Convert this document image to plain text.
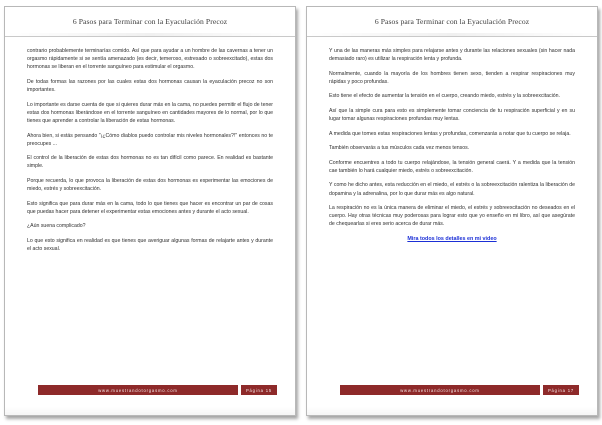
6 Pasos para Terminar con la Eyaculación Precoz

contrario probablemente terminarías comido. Así que para ayudar a un hombre de las cavernas a tener un orgasmo rápidamente si se sentía amenazado (es decir, temeroso, estresado o sobreexcitado), estas dos hormonas se liberan en el torrente sanguíneo para estimular el orgasmo.

De todas formas las razones por las cuales estas dos hormonas causan la eyaculación precoz no son importantes.

Lo importante es darse cuenta de que si quieres durar más en la cama, no puedes permitir el flujo de tener estas dos hormonas liberándose en el torrente sanguíneo en cantidades mayores de lo normal, por lo que tienes que aprender a controlar la liberación de estas hormonas.

Ahora bien, si estás pensando "¡¿Cómo diablos puedo controlar mis niveles hormonales?!" entonces no te preocupes ...

El control de la liberación de estas dos hormonas no es tan difícil como parece. En realidad es bastante simple.

Porque recuerda, lo que provoca la liberación de estas dos hormonas es experimentar las emociones de miedo, estrés y sobreexcitación.

Esto significa que para durar más en la cama, todo lo que tienes que hacer es encontrar un par de cosas que puedas hacer para detener el experimentar estas emociones antes y durante el acto sexual.

¿Aún suena complicado?

Lo que esto significa en realidad es que tienes que averiguar algunas formas de relajarte antes y durante el acto sexual.

www.muestrandotorgasmo.com	Página 15
6 Pasos para Terminar con la Eyaculación Precoz

Y una de las maneras más simples para relajarse antes y durante las relaciones sexuales (sin hacer nada demasiado raro) es utilizar la respiración lenta y profunda.

Normalmente, cuando la mayoría de los hombres tienen sexo, tienden a respirar respiraciones muy rápidas y poco profundas.

Esto tiene el efecto de aumentar la tensión en el cuerpo, creando miedo, estrés y la sobreexcitación.

Así que la simple cura para esto es simplemente tomar conciencia de tu respiración superficial y en su lugar tomar algunas respiraciones profundas muy lentas.

A medida que tomes estas respiraciones lentas y profundas, comenzarás a notar que tu cuerpo se relaja.

También observarás a tus músculos cada vez menos tensos.

Conforme encuentres a todo tu cuerpo relajándose, la tensión general caerá. Y a medida que la tensión cae también lo hará cualquier miedo, estrés o sobreexcitación.

Y como he dicho antes, esta reducción en el miedo, el estrés o la sobreexcitación ralentiza la liberación de dopamina y la adrenalina, por lo que durar más es algo natural.

La respiración no es la única manera de eliminar el miedo, el estrés y sobreexcitación no deseados en el cuerpo. Hay otras técnicas muy poderosas para lograr esto que yo enseño en mi libro, así que asegúrate de chequearlas si eres serio acerca de durar más.

Mira todos los detalles en mi video

www.muestrandotorgasmo.com	Página 17
